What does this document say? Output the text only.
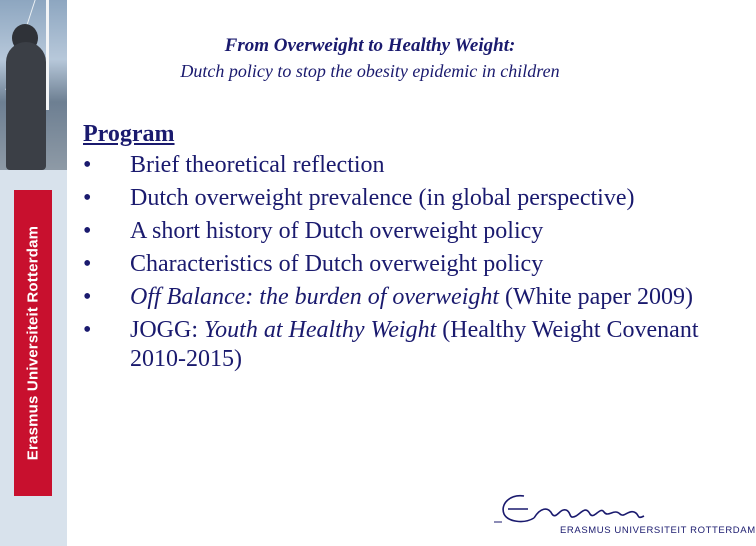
Erasmus Universiteit Rotterdam
From Overweight to Healthy Weight:
Dutch policy to stop the obesity epidemic in children
Program
•	Brief theoretical reflection
•	Dutch overweight prevalence (in global perspective)
•	A short history of Dutch overweight policy
•	Characteristics of Dutch overweight policy
•	Off Balance: the burden of overweight (White paper 2009)
•	JOGG: Youth at Healthy Weight (Healthy Weight Covenant 2010-2015)
ERASMUS UNIVERSITEIT ROTTERDAM
